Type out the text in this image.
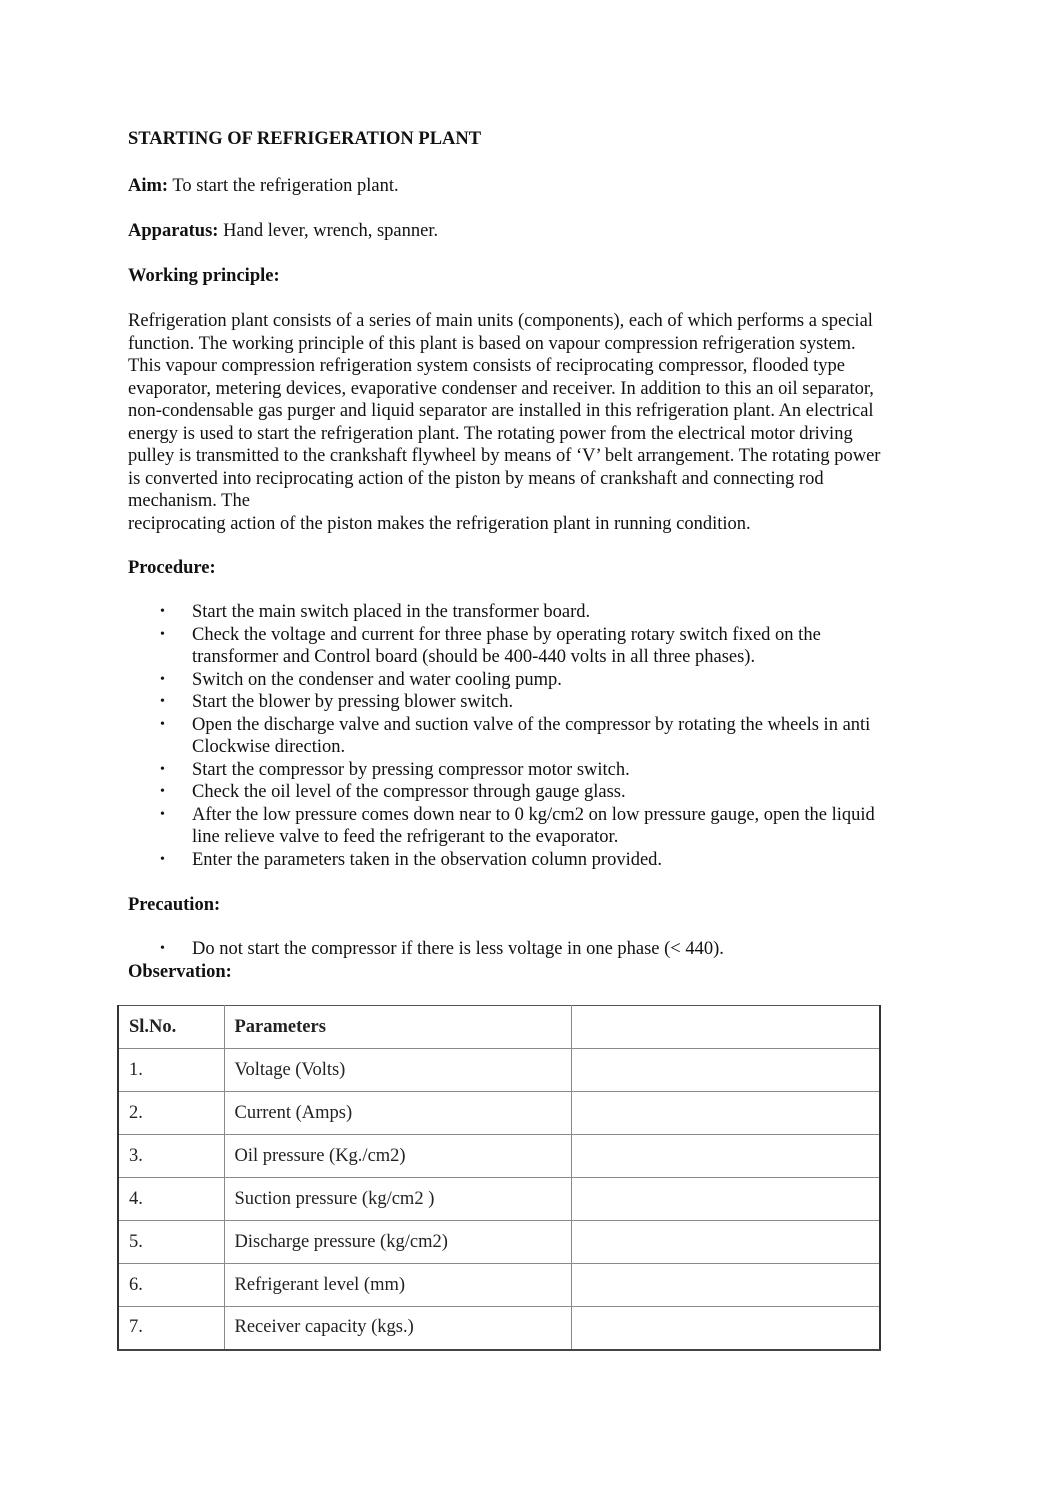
STARTING OF REFRIGERATION PLANT
Aim: To start the refrigeration plant.
Apparatus: Hand lever, wrench, spanner.
Working principle:
Refrigeration plant consists of a series of main units (components), each of which performs a special
function. The working principle of this plant is based on vapour compression refrigeration system.
This vapour compression refrigeration system consists of reciprocating compressor, flooded type
evaporator, metering devices, evaporative condenser and receiver. In addition to this an oil separator,
non-condensable gas purger and liquid separator are installed in this refrigeration plant. An electrical
energy is used to start the refrigeration plant. The rotating power from the electrical motor driving
pulley is transmitted to the crankshaft flywheel by means of ‘V’ belt arrangement. The rotating power
is converted into reciprocating action of the piston by means of crankshaft and connecting rod
mechanism. The
reciprocating action of the piston makes the refrigeration plant in running condition.
Procedure:
• Start the main switch placed in the transformer board.
• Check the voltage and current for three phase by operating rotary switch fixed on the
transformer and Control board (should be 400-440 volts in all three phases).
• Switch on the condenser and water cooling pump.
• Start the blower by pressing blower switch.
• Open the discharge valve and suction valve of the compressor by rotating the wheels in anti
Clockwise direction.
• Start the compressor by pressing compressor motor switch.
• Check the oil level of the compressor through gauge glass.
• After the low pressure comes down near to 0 kg/cm2 on low pressure gauge, open the liquid
line relieve valve to feed the refrigerant to the evaporator.
• Enter the parameters taken in the observation column provided.
Precaution:
• Do not start the compressor if there is less voltage in one phase (< 440).
Observation:
Sl.No.	Parameters	
1.	Voltage (Volts)	
2.	Current (Amps)	
3.	Oil pressure (Kg./cm2)	
4.	Suction pressure (kg/cm2 )	
5.	Discharge pressure (kg/cm2)	
6.	Refrigerant level (mm)	
7.	Receiver capacity (kgs.)	
